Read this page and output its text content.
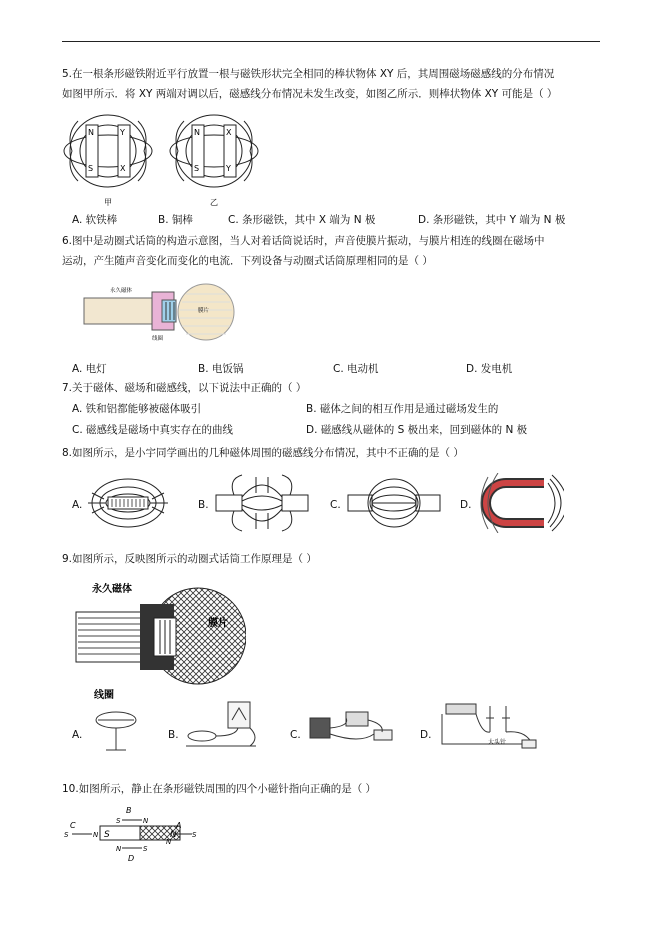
5.在一根条形磁铁附近平行放置一根与磁铁形状完全相同的棒状物体 XY 后，其周围磁场磁感线的分布情况
如图甲所示．将 XY 两端对调以后，磁感线分布情况未发生改变，如图乙所示．则棒状物体 XY 可能是（ ）
N
S
Y
X
甲
N
S
X
Y
乙
A. 软铁棒	B. 铜棒	C. 条形磁铁，其中 X 端为 N 极	D. 条形磁铁，其中 Y 端为 N 极
6.图中是动圈式话筒的构造示意图，当人对着话筒说话时，声音使膜片振动，与膜片相连的线圈在磁场中
运动，产生随声音变化而变化的电流．下列设备与动圈式话筒原理相同的是（ ）
永久磁体
膜片
线圈
A. 电灯	B. 电饭锅	C. 电动机	D. 发电机
7.关于磁体、磁场和磁感线，以下说法中正确的（ ）
A. 铁和铝都能够被磁体吸引	B. 磁体之间的相互作用是通过磁场发生的
C. 磁感线是磁场中真实存在的曲线	D. 磁感线从磁体的 S 极出来，回到磁体的 N 极
8.如图所示，是小宇同学画出的几种磁体周围的磁感线分布情况，其中不正确的是（ ）
A.	B.	C.	D.
9.如图所示，反映图所示的动圈式话筒工作原理是（ ）
永久磁体
膜片
线圈
A.	B.	C.	D.
大头针
10.如图所示，静止在条形磁铁周围的四个小磁针指向正确的是（ ）
S	N
B
S	N
C
S	N
A
N
S
N	S
D
